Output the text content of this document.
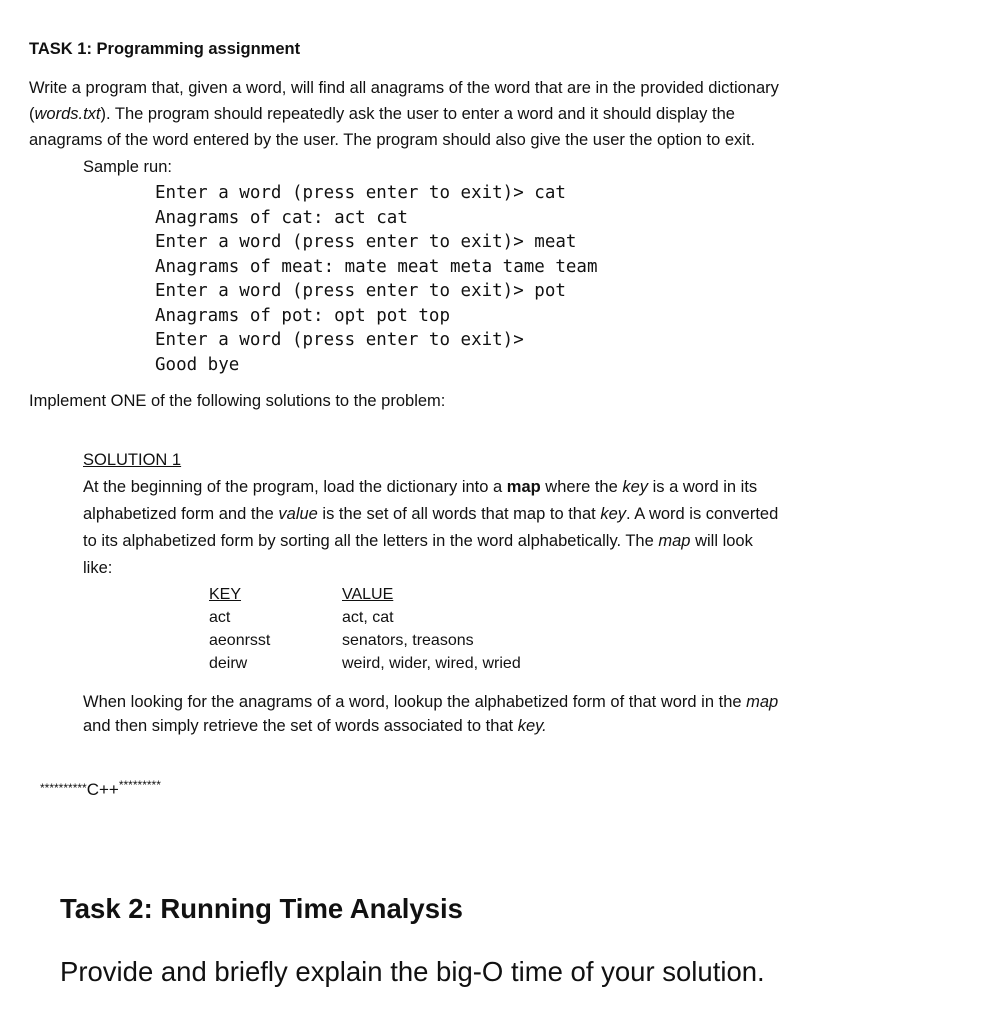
TASK 1: Programming assignment
Write a program that, given a word, will find all anagrams of the word that are in the provided dictionary
(words.txt). The program should repeatedly ask the user to enter a word and it should display the
anagrams of the word entered by the user. The program should also give the user the option to exit.
Sample run:
Enter a word (press enter to exit)> cat
Anagrams of cat: act cat
Enter a word (press enter to exit)> meat
Anagrams of meat: mate meat meta tame team
Enter a word (press enter to exit)> pot
Anagrams of pot: opt pot top
Enter a word (press enter to exit)>
Good bye
Implement ONE of the following solutions to the problem:
SOLUTION 1
At the beginning of the program, load the dictionary into a map where the key is a word in its
alphabetized form and the value is the set of all words that map to that key. A word is converted
to its alphabetized form by sorting all the letters in the word alphabetically. The map will look
like:
KEY	VALUE
act	act, cat
aeonrsst	senators, treasons
deirw	weird, wider, wired, wried
When looking for the anagrams of a word, lookup the alphabetized form of that word in the map
and then simply retrieve the set of words associated to that key.
**********C++*********
Task 2: Running Time Analysis
Provide and briefly explain the big-O time of your solution.
